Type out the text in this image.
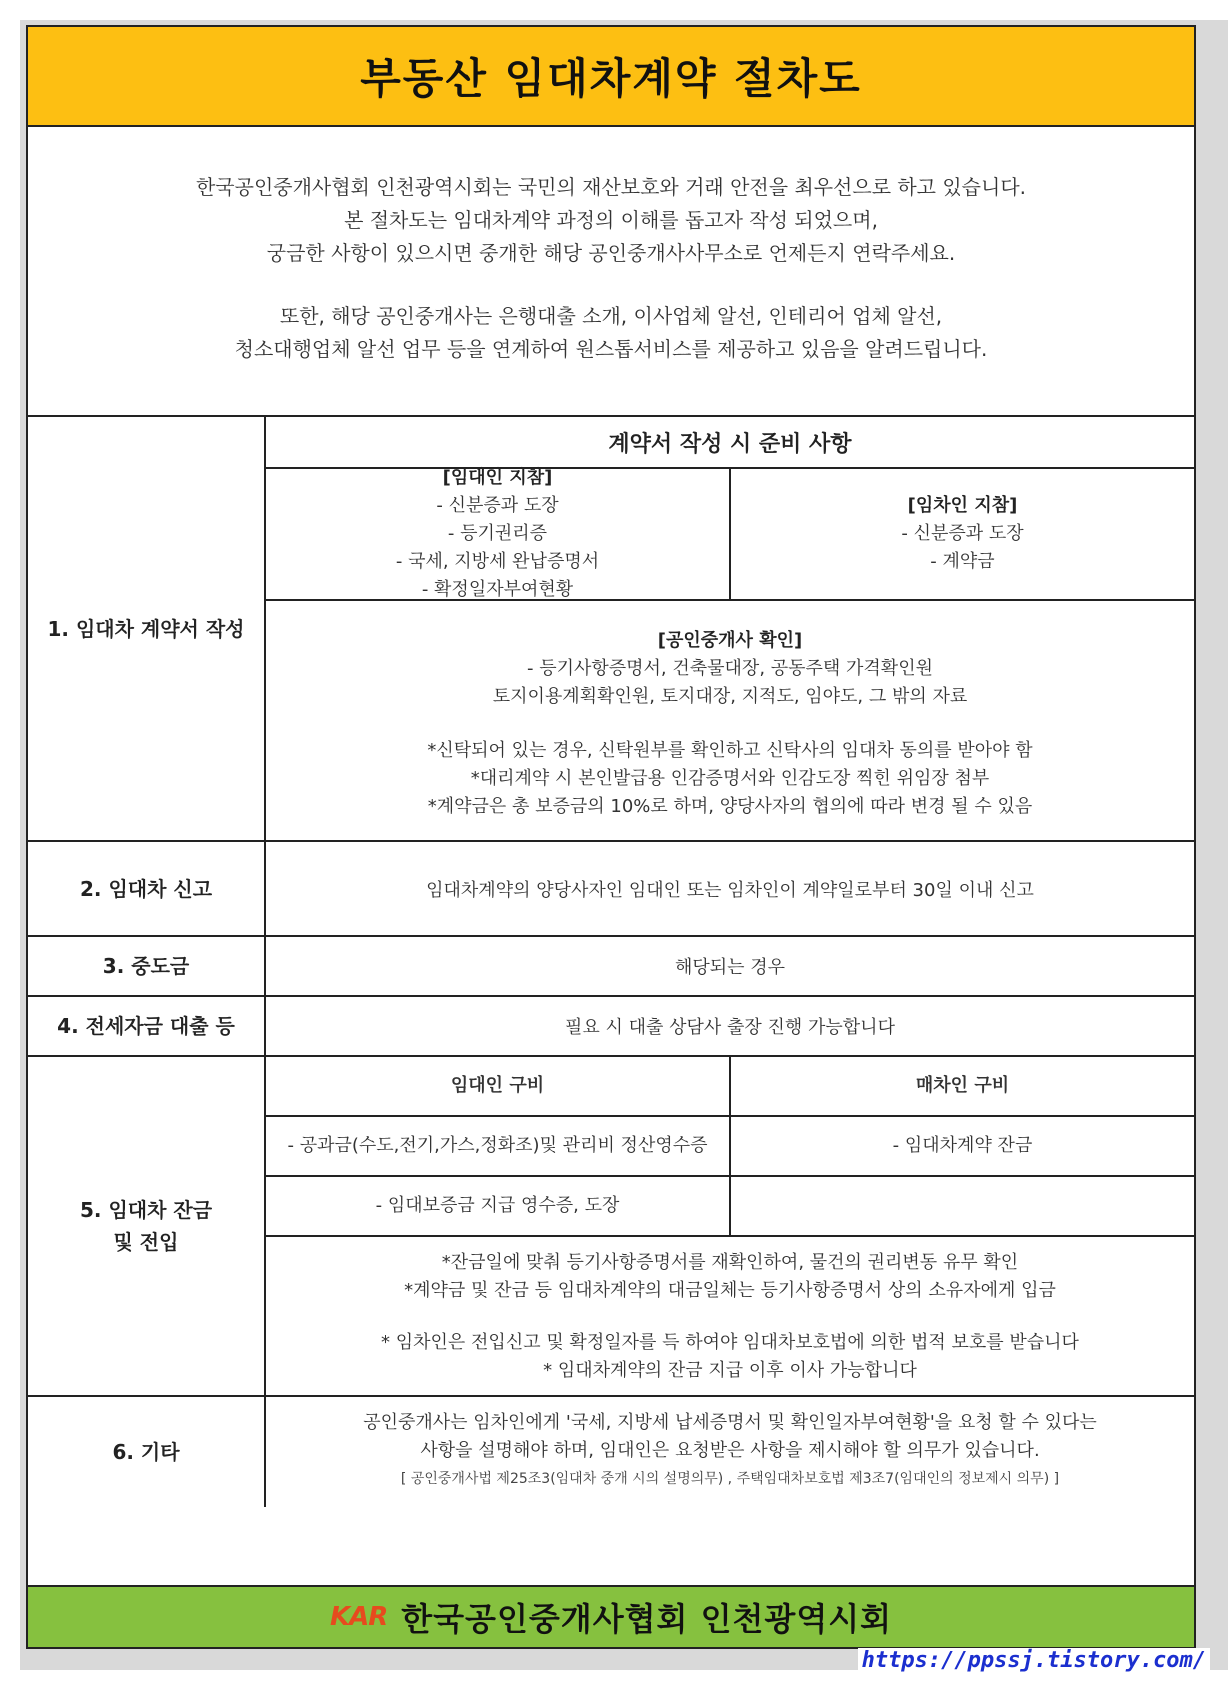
부동산 임대차계약 절차도
한국공인중개사협회 인천광역시회는 국민의 재산보호와 거래 안전을 최우선으로 하고 있습니다.
본 절차도는 임대차계약 과정의 이해를 돕고자 작성 되었으며,
궁금한 사항이 있으시면 중개한 해당 공인중개사사무소로 언제든지 연락주세요.
또한, 해당 공인중개사는 은행대출 소개, 이사업체 알선, 인테리어 업체 알선,
청소대행업체 알선 업무 등을 연계하여 원스톱서비스를 제공하고 있음을 알려드립니다.
1. 임대차 계약서 작성
계약서 작성 시 준비 사항
[임대인 지참]
- 신분증과 도장
- 등기권리증
- 국세, 지방세 완납증명서
- 확정일자부여현황
[임차인 지참]
- 신분증과 도장
- 계약금
[공인중개사 확인]
- 등기사항증명서, 건축물대장, 공동주택 가격확인원
토지이용계획확인원, 토지대장, 지적도, 임야도, 그 밖의 자료
*신탁되어 있는 경우, 신탁원부를 확인하고 신탁사의 임대차 동의를 받아야 함
*대리계약 시 본인발급용 인감증명서와 인감도장 찍힌 위임장 첨부
*계약금은 총 보증금의 10%로 하며, 양당사자의 협의에 따라 변경 될 수 있음
2. 임대차 신고	임대차계약의 양당사자인 임대인 또는 임차인이 계약일로부터 30일 이내 신고
3. 중도금	해당되는 경우
4. 전세자금 대출 등	필요 시 대출 상담사 출장 진행 가능합니다
5. 임대차 잔금
및 전입
임대인 구비	매차인 구비
- 공과금(수도,전기,가스,정화조)및 관리비 정산영수증	- 임대차계약 잔금
- 임대보증금 지급 영수증, 도장
*잔금일에 맞춰 등기사항증명서를 재확인하여, 물건의 권리변동 유무 확인
*계약금 및 잔금 등 임대차계약의 대금일체는 등기사항증명서 상의 소유자에게 입금
* 임차인은 전입신고 및 확정일자를 득 하여야 임대차보호법에 의한 법적 보호를 받습니다
* 임대차계약의 잔금 지급 이후 이사 가능합니다
6. 기타
공인중개사는 임차인에게 '국세, 지방세 납세증명서 및 확인일자부여현황'을 요청 할 수 있다는
사항을 설명해야 하며, 임대인은 요청받은 사항을 제시해야 할 의무가 있습니다.
[ 공인중개사법 제25조3(임대차 중개 시의 설명의무) , 주택임대차보호법 제3조7(임대인의 정보제시 의무) ]
KAR 한국공인중개사협회 인천광역시회
https://ppssj.tistory.com/
